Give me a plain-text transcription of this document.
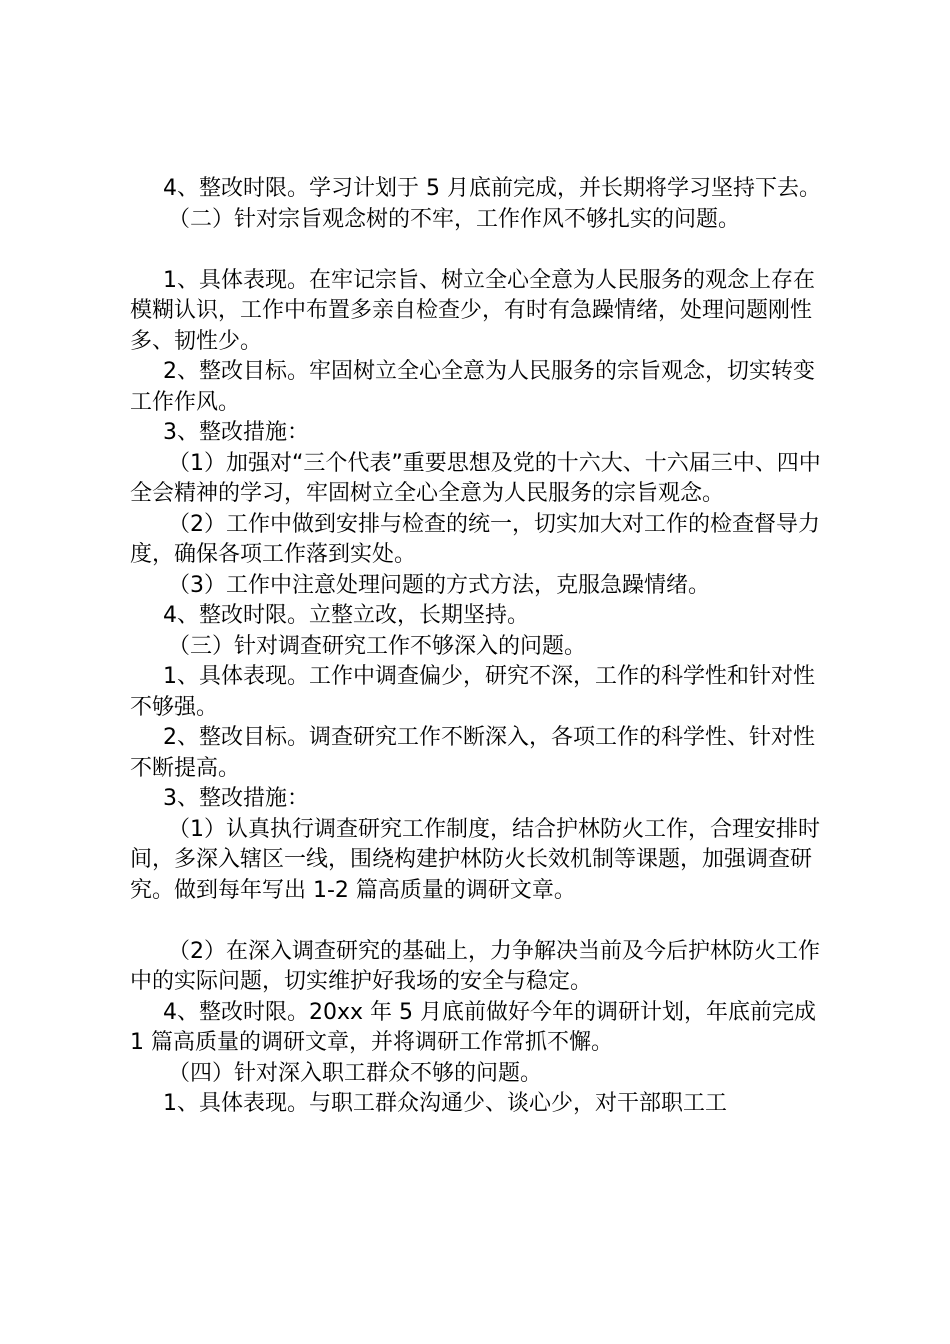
4、整改时限。学习计划于 5 月底前完成，并长期将学习坚持下去。

（二）针对宗旨观念树的不牢，工作作风不够扎实的问题。

1、具体表现。在牢记宗旨、树立全心全意为人民服务的观念上存在模糊认识，工作中布置多亲自检查少，有时有急躁情绪，处理问题刚性多、韧性少。

2、整改目标。牢固树立全心全意为人民服务的宗旨观念，切实转变工作作风。

3、整改措施：

（1）加强对“三个代表”重要思想及党的十六大、十六届三中、四中全会精神的学习，牢固树立全心全意为人民服务的宗旨观念。

（2）工作中做到安排与检查的统一，切实加大对工作的检查督导力度，确保各项工作落到实处。

（3）工作中注意处理问题的方式方法，克服急躁情绪。

4、整改时限。立整立改，长期坚持。

（三）针对调查研究工作不够深入的问题。

1、具体表现。工作中调查偏少，研究不深，工作的科学性和针对性不够强。

2、整改目标。调查研究工作不断深入，各项工作的科学性、针对性不断提高。

3、整改措施：

（1）认真执行调查研究工作制度，结合护林防火工作，合理安排时间，多深入辖区一线，围绕构建护林防火长效机制等课题，加强调查研究。做到每年写出 1-2 篇高质量的调研文章。

（2）在深入调查研究的基础上，力争解决当前及今后护林防火工作中的实际问题，切实维护好我场的安全与稳定。

4、整改时限。20xx 年 5 月底前做好今年的调研计划，年底前完成 1 篇高质量的调研文章，并将调研工作常抓不懈。

（四）针对深入职工群众不够的问题。

1、具体表现。与职工群众沟通少、谈心少，对干部职工工
